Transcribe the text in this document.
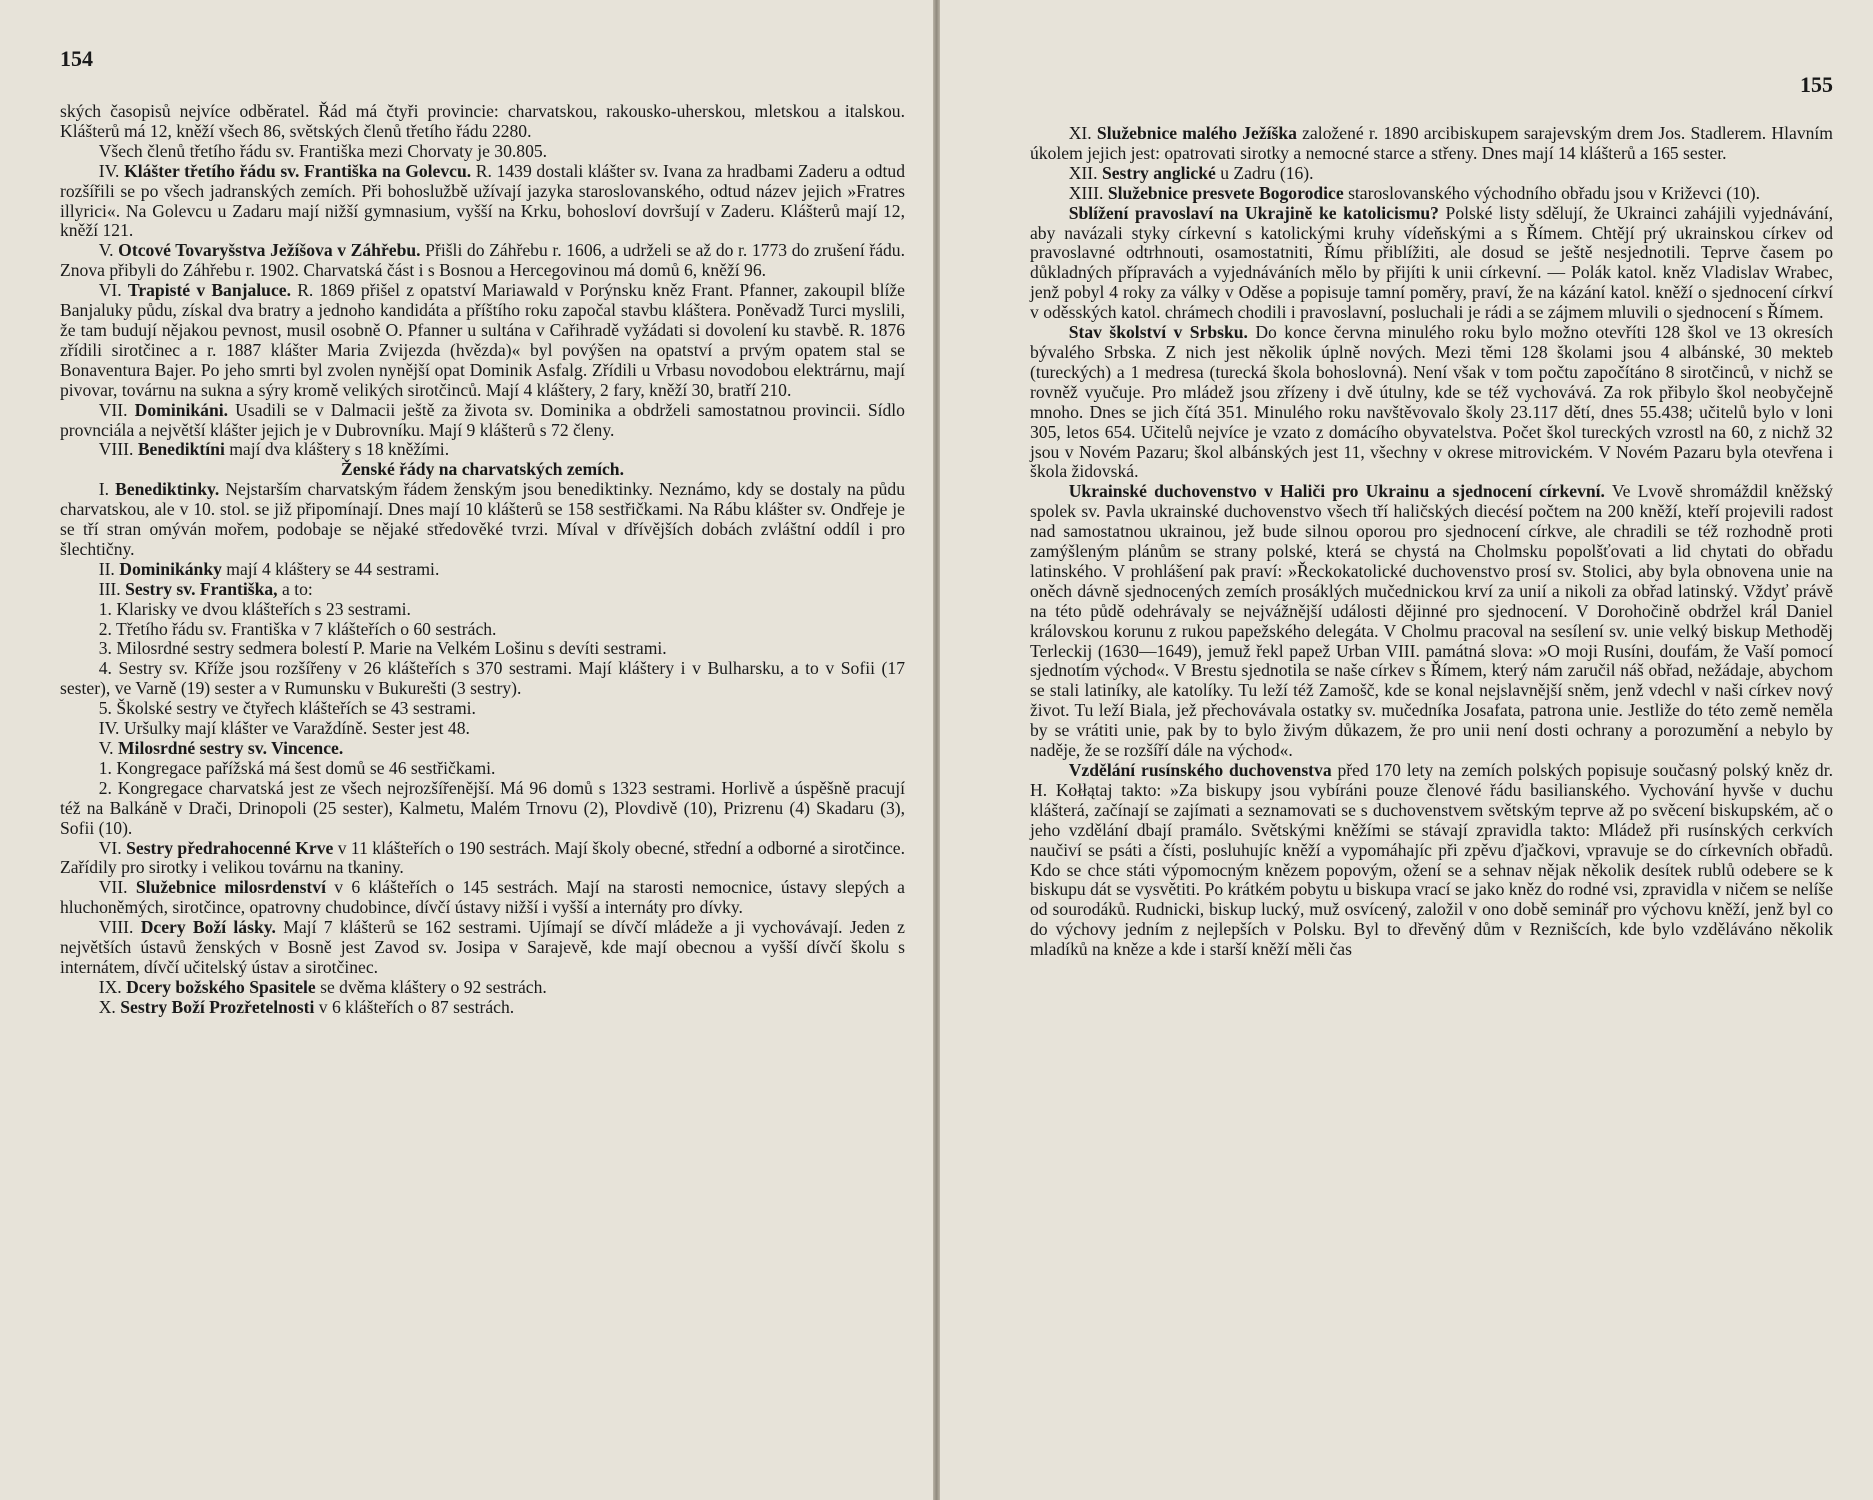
154

ských časopisů nejvíce odběratel. Řád má čtyři provincie: charvatskou, rakousko-uherskou, mletskou a italskou. Klášterů má 12, kněží všech 86, světských členů třetího řádu 2280.

Všech členů třetího řádu sv. Františka mezi Chorvaty je 30.805.

IV. Klášter třetího řádu sv. Františka na Golevcu. R. 1439 dostali klášter sv. Ivana za hradbami Zaderu a odtud rozšířili se po všech jadranských zemích. Při bohoslužbě užívají jazyka staroslovanského, odtud název jejich »Fratres illyrici«. Na Golevcu u Zadaru mají nižší gymnasium, vyšší na Krku, bohosloví dovršují v Zaderu. Klášterů mají 12, kněží 121.

V. Otcové Tovaryšstva Ježíšova v Záhřebu. Přišli do Záhřebu r. 1606, a udrželi se až do r. 1773 do zrušení řádu. Znova přibyli do Záhřebu r. 1902. Charvatská část i s Bosnou a Hercegovinou má domů 6, kněží 96.

VI. Trapisté v Banjaluce. R. 1869 přišel z opatství Mariawald v Porýnsku kněz Frant. Pfanner, zakoupil blíže Banjaluky půdu, získal dva bratry a jednoho kandidáta a příštího roku započal stavbu kláštera. Poněvadž Turci myslili, že tam budují nějakou pevnost, musil osobně O. Pfanner u sultána v Cařihradě vyžádati si dovolení ku stavbě. R. 1876 zřídili sirotčinec a r. 1887 klášter Maria Zvijezda (hvězda)« byl povýšen na opatství a prvým opatem stal se Bonaventura Bajer. Po jeho smrti byl zvolen nynější opat Dominik Asfalg. Zřídili u Vrbasu novodobou elektrárnu, mají pivovar, továrnu na sukna a sýry kromě velikých sirotčinců. Mají 4 kláštery, 2 fary, kněží 30, bratří 210.

VII. Dominikáni. Usadili se v Dalmacii ještě za života sv. Dominika a obdrželi samostatnou provincii. Sídlo provnciála a největší klášter jejich je v Dubrovníku. Mají 9 klášterů s 72 členy.

VIII. Benediktíni mají dva kláštery s 18 kněžími.

Ženské řády na charvatských zemích.

I. Benediktinky. Nejstarším charvatským řádem ženským jsou benediktinky. Neznámo, kdy se dostaly na půdu charvatskou, ale v 10. stol. se již připomínají. Dnes mají 10 klášterů se 158 sestřičkami. Na Rábu klášter sv. Ondřeje je se tří stran omýván mořem, podobaje se nějaké středověké tvrzi. Míval v dřívějších dobách zvláštní oddíl i pro šlechtičny.

II. Dominikánky mají 4 kláštery se 44 sestrami.

III. Sestry sv. Františka, a to:

1. Klarisky ve dvou klášteřích s 23 sestrami.

2. Třetího řádu sv. Františka v 7 klášteřích o 60 sestrách.

3. Milosrdné sestry sedmera bolestí P. Marie na Velkém Lošinu s devíti sestrami.

4. Sestry sv. Kříže jsou rozšířeny v 26 klášteřích s 370 sestrami. Mají kláštery i v Bulharsku, a to v Sofii (17 sester), ve Varně (19) sester a v Rumunsku v Bukurešti (3 sestry).

5. Školské sestry ve čtyřech klášteřích se 43 sestrami.

IV. Uršulky mají klášter ve Varaždíně. Sester jest 48.

V. Milosrdné sestry sv. Vincence.

1. Kongregace pařížská má šest domů se 46 sestřičkami.

2. Kongregace charvatská jest ze všech nejrozšířenější. Má 96 domů s 1323 sestrami. Horlivě a úspěšně pracují též na Balkáně v Drači, Drinopoli (25 sester), Kalmetu, Malém Trnovu (2), Plovdivě (10), Prizrenu (4) Skadaru (3), Sofii (10).

VI. Sestry předrahocenné Krve v 11 klášteřích o 190 sestrách. Mají školy obecné, střední a odborné a sirotčince. Zařídily pro sirotky i velikou továrnu na tkaniny.

VII. Služebnice milosrdenství v 6 klášteřích o 145 sestrách. Mají na starosti nemocnice, ústavy slepých a hluchoněmých, sirotčince, opatrovny chudobince, dívčí ústavy nižší i vyšší a internáty pro dívky.

VIII. Dcery Boží lásky. Mají 7 klášterů se 162 sestrami. Ujímají se dívčí mládeže a ji vychovávají. Jeden z největších ústavů ženských v Bosně jest Zavod sv. Josipa v Sarajevě, kde mají obecnou a vyšší dívčí školu s internátem, dívčí učitelský ústav a sirotčinec.

IX. Dcery božského Spasitele se dvěma kláštery o 92 sestrách.

X. Sestry Boží Prozřetelnosti v 6 klášteřích o 87 sestrách.

155

XI. Služebnice malého Ježíška založené r. 1890 arcibiskupem sarajevským drem Jos. Stadlerem. Hlavním úkolem jejich jest: opatrovati sirotky a nemocné starce a střeny. Dnes mají 14 klášterů a 165 sester.

XII. Sestry anglické u Zadru (16).

XIII. Služebnice presvete Bogorodice staroslovanského východního obřadu jsou v Križevci (10).

Sblížení pravoslaví na Ukrajině ke katolicismu? Polské listy sdělují, že Ukrainci zahájili vyjednávání, aby navázali styky církevní s katolickými kruhy vídeňskými a s Římem. Chtějí prý ukrainskou církev od pravoslavné odtrhnouti, osamostatniti, Římu přiblížiti, ale dosud se ještě nesjednotili. Teprve časem po důkladných přípravách a vyjednáváních mělo by přijíti k unii církevní. — Polák katol. kněz Vladislav Wrabec, jenž pobyl 4 roky za války v Oděse a popisuje tamní poměry, praví, že na kázání katol. kněží o sjednocení církví v oděsských katol. chrámech chodili i pravoslavní, posluchali je rádi a se zájmem mluvili o sjednocení s Římem.

Stav školství v Srbsku. Do konce června minulého roku bylo možno otevříti 128 škol ve 13 okresích bývalého Srbska. Z nich jest několik úplně nových. Mezi těmi 128 školami jsou 4 albánské, 30 mekteb (tureckých) a 1 medresa (turecká škola bohoslovná). Není však v tom počtu započítáno 8 sirotčinců, v nichž se rovněž vyučuje. Pro mládež jsou zřízeny i dvě útulny, kde se též vychovává. Za rok přibylo škol neobyčejně mnoho. Dnes se jich čítá 351. Minulého roku navštěvovalo školy 23.117 dětí, dnes 55.438; učitelů bylo v loni 305, letos 654. Učitelů nejvíce je vzato z domácího obyvatelstva. Počet škol tureckých vzrostl na 60, z nichž 32 jsou v Novém Pazaru; škol albánských jest 11, všechny v okrese mitrovickém. V Novém Pazaru byla otevřena i škola židovská.

Ukrainské duchovenstvo v Haliči pro Ukrainu a sjednocení církevní. Ve Lvově shromáždil kněžský spolek sv. Pavla ukrainské duchovenstvo všech tří haličských diecésí počtem na 200 kněží, kteří projevili radost nad samostatnou ukrainou, jež bude silnou oporou pro sjednocení církve, ale chradili se též rozhodně proti zamýšleným plánům se strany polské, která se chystá na Cholmsku popolšťovati a lid chytati do obřadu latinského. V prohlášení pak praví: »Řeckokatolické duchovenstvo prosí sv. Stolici, aby byla obnovena unie na oněch dávně sjednocených zemích prosáklých mučednickou krví za unií a nikoli za obřad latinský. Vždyť právě na této půdě odehrávaly se nejvážnější události dějinné pro sjednocení. V Dorohočině obdržel král Daniel královskou korunu z rukou papežského delegáta. V Cholmu pracoval na sesílení sv. unie velký biskup Methoděj Terleckij (1630—1649), jemuž řekl papež Urban VIII. památná slova: »O moji Rusíni, doufám, že Vaší pomocí sjednotím východ«. V Brestu sjednotila se naše církev s Římem, který nám zaručil náš obřad, nežádaje, abychom se stali latiníky, ale katolíky. Tu leží též Zamošč, kde se konal nejslavnější sněm, jenž vdechl v naši církev nový život. Tu leží Biala, jež přechovávala ostatky sv. mučedníka Josafata, patrona unie. Jestliže do této země neměla by se vrátiti unie, pak by to bylo živým důkazem, že pro unii není dosti ochrany a porozumění a nebylo by naděje, že se rozšíří dále na východ«.

Vzdělání rusínského duchovenstva před 170 lety na zemích polských popisuje současný polský kněz dr. H. Kołłątaj takto: »Za biskupy jsou vybíráni pouze členové řádu basilianského. Vychování hyvše v duchu klášterá, začínají se zajímati a seznamovati se s duchovenstvem světským teprve až po svěcení biskupském, ač o jeho vzdělání dbají pramálo. Světskými kněžími se stávají zpravidla takto: Mládež při rusínských cerkvích naučiví se psáti a čísti, posluhujíc kněží a vypomáhajíc při zpěvu ďjačkovi, vpravuje se do církevních obřadů. Kdo se chce státi výpomocným knězem popovým, ožení se a sehnav nějak několik desítek rublů odebere se k biskupu dát se vysvětiti. Po krátkém pobytu u biskupa vrací se jako kněz do rodné vsi, zpravidla v ničem se nelíše od sourodáků. Rudnicki, biskup lucký, muž osvícený, založil v ono době seminář pro výchovu kněží, jenž byl co do výchovy jedním z nejlepších v Polsku. Byl to dřevěný dům v Reznišcích, kde bylo vzděláváno několik mladíků na kněze a kde i starší kněží měli čas
